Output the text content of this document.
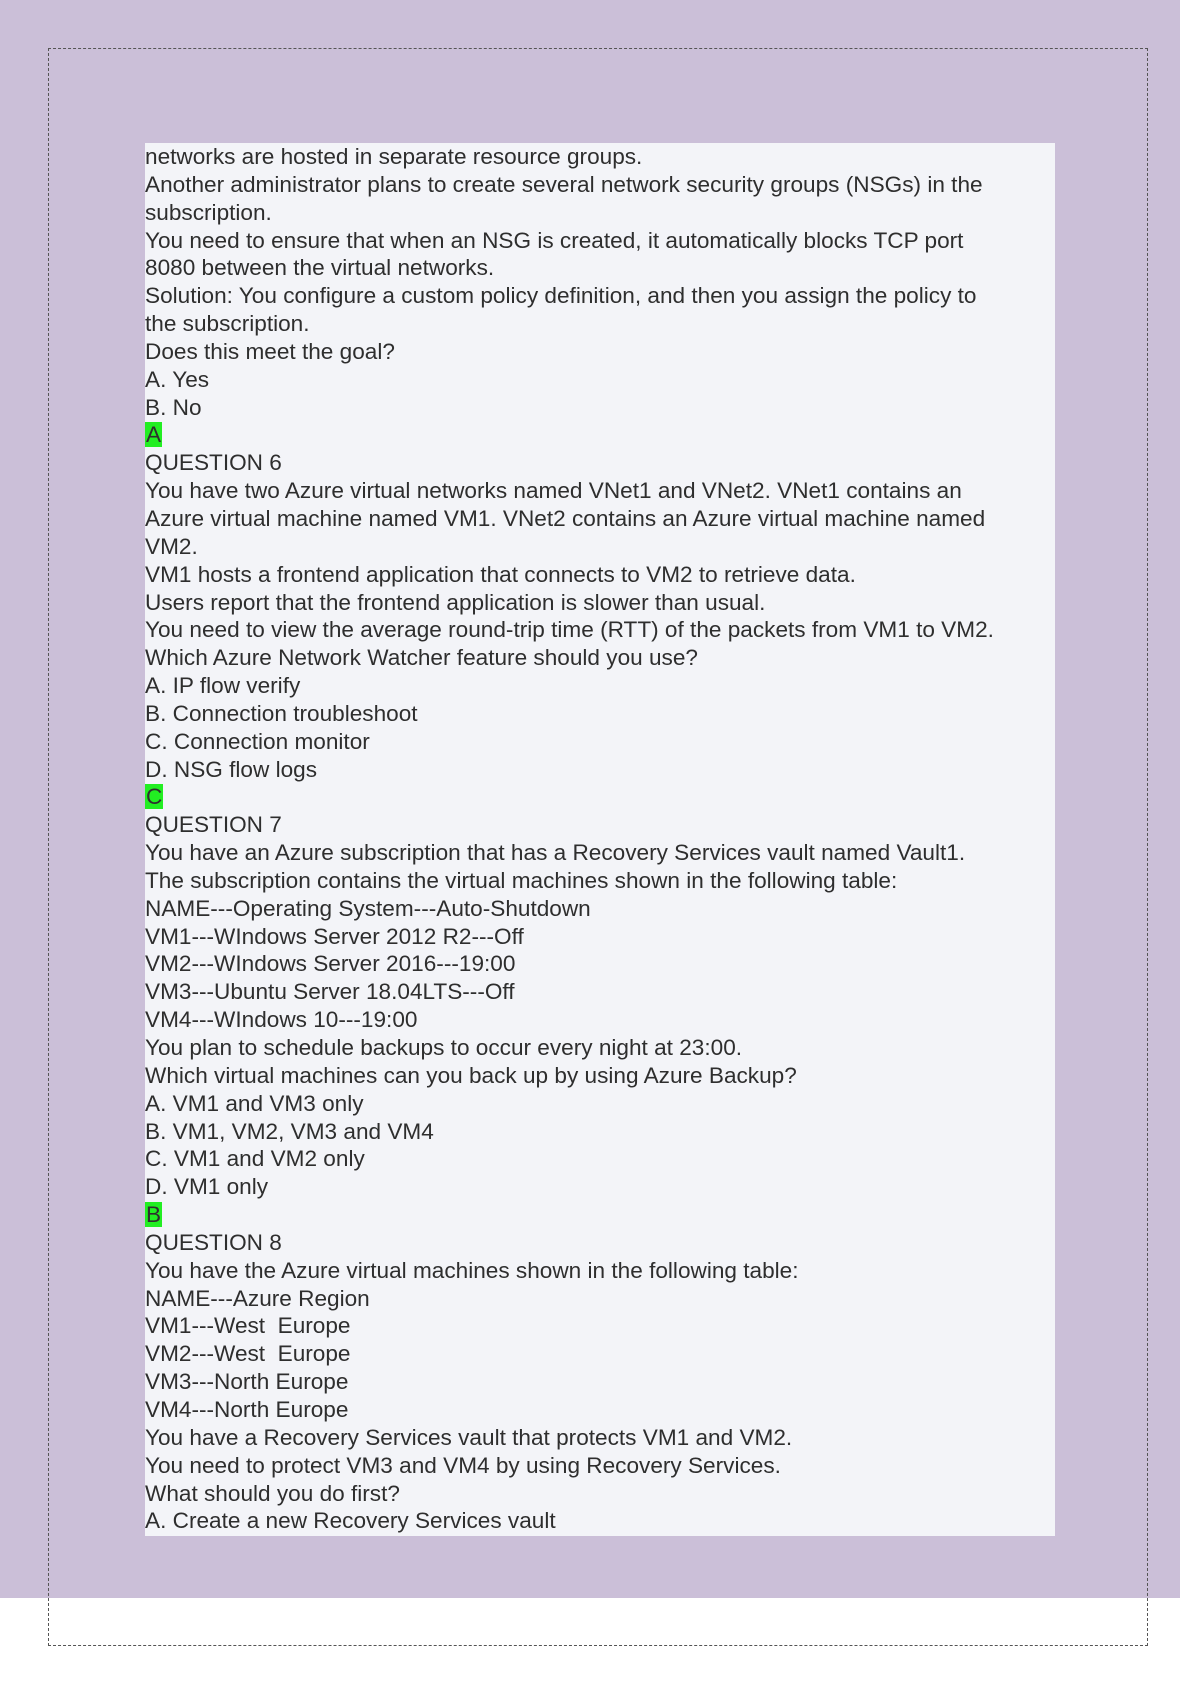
networks are hosted in separate resource groups.

Another administrator plans to create several network security groups (NSGs) in the

subscription.

You need to ensure that when an NSG is created, it automatically blocks TCP port

8080 between the virtual networks.

Solution: You configure a custom policy definition, and then you assign the policy to

the subscription.

Does this meet the goal?

A. Yes

B. No

A

QUESTION 6

You have two Azure virtual networks named VNet1 and VNet2. VNet1 contains an

Azure virtual machine named VM1. VNet2 contains an Azure virtual machine named

VM2.

VM1 hosts a frontend application that connects to VM2 to retrieve data.

Users report that the frontend application is slower than usual.

You need to view the average round-trip time (RTT) of the packets from VM1 to VM2.

Which Azure Network Watcher feature should you use?

A. IP flow verify

B. Connection troubleshoot

C. Connection monitor

D. NSG flow logs

C

QUESTION 7

You have an Azure subscription that has a Recovery Services vault named Vault1.

The subscription contains the virtual machines shown in the following table:

NAME---Operating System---Auto-Shutdown

VM1---WIndows Server 2012 R2---Off

VM2---WIndows Server 2016---19:00

VM3---Ubuntu Server 18.04LTS---Off

VM4---WIndows 10---19:00

You plan to schedule backups to occur every night at 23:00.

Which virtual machines can you back up by using Azure Backup?

A. VM1 and VM3 only

B. VM1, VM2, VM3 and VM4

C. VM1 and VM2 only

D. VM1 only

B

QUESTION 8

You have the Azure virtual machines shown in the following table:

NAME---Azure Region

VM1---West  Europe

VM2---West  Europe

VM3---North Europe

VM4---North Europe

You have a Recovery Services vault that protects VM1 and VM2.

You need to protect VM3 and VM4 by using Recovery Services.

What should you do first?

A. Create a new Recovery Services vault
